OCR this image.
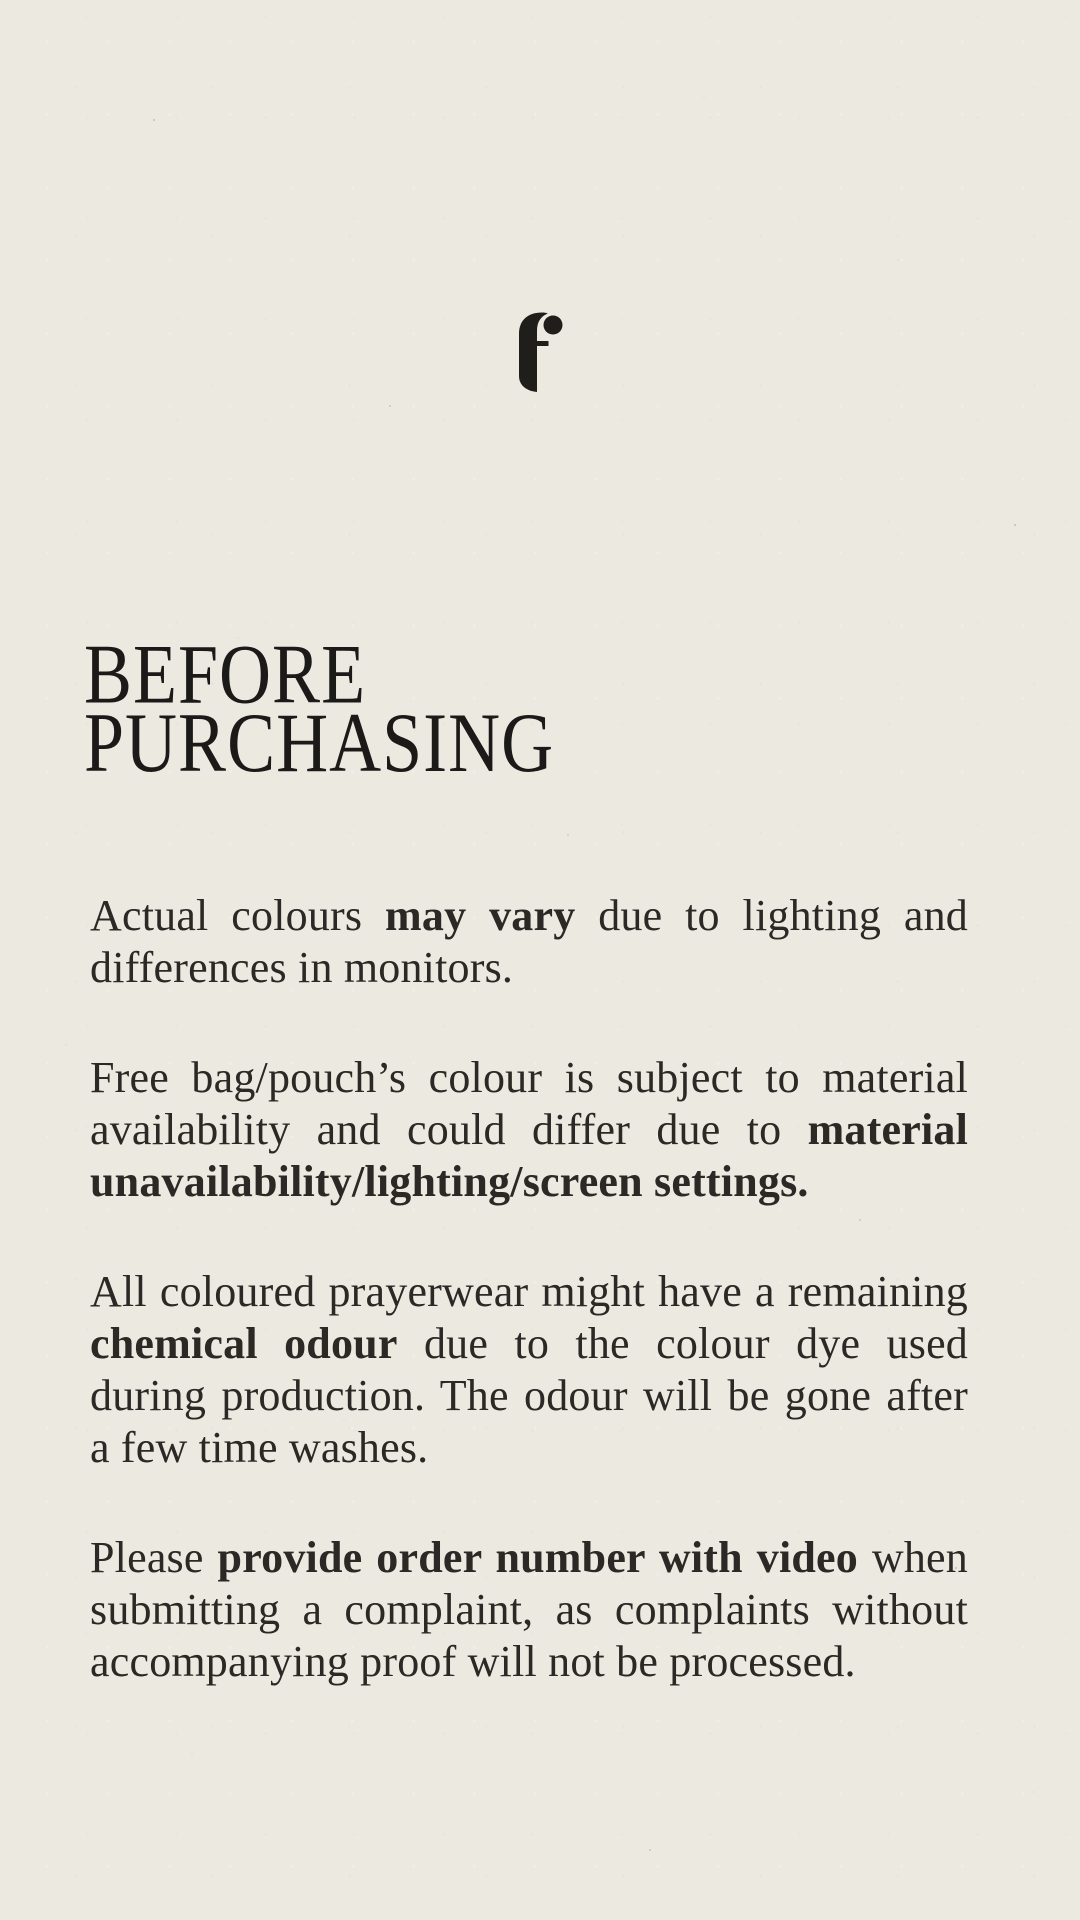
BEFORE
PURCHASING

Actual colours may vary due to lighting and
differences in monitors.

Free bag/pouch’s colour is subject to material
availability and could differ due to material
unavailability/lighting/screen settings.

All coloured prayerwear might have a remaining
chemical odour due to the colour dye used
during production. The odour will be gone after
a few time washes.

Please provide order number with video when
submitting a complaint, as complaints without
accompanying proof will not be processed.
